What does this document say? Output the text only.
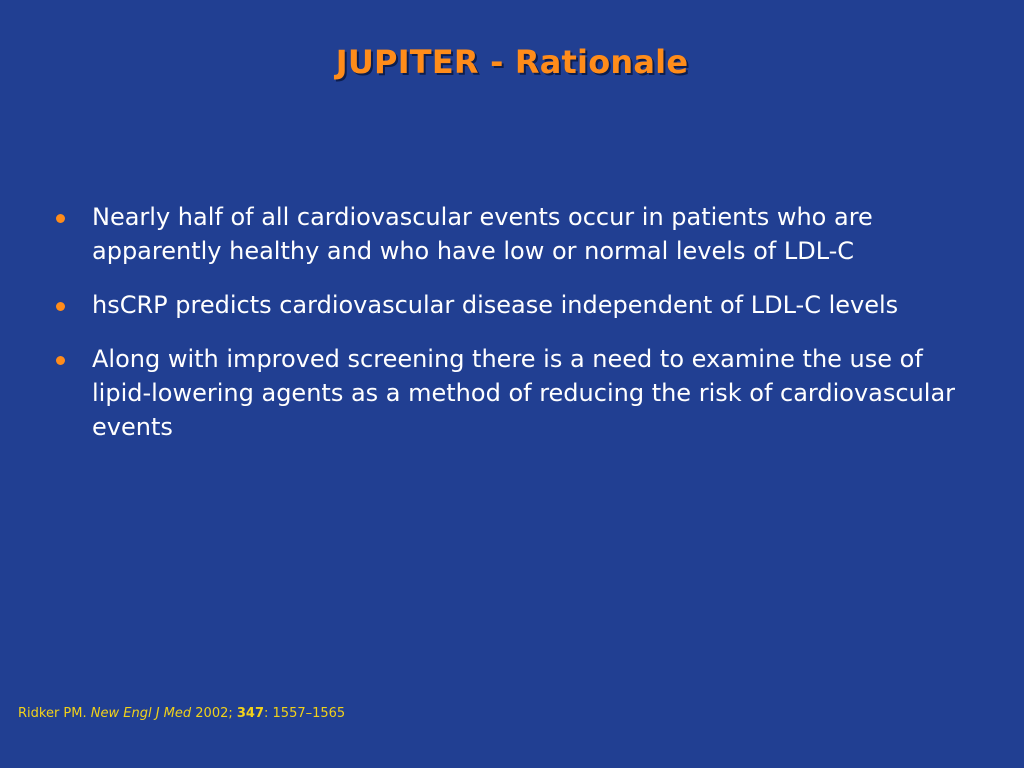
JUPITER - Rationale
Nearly half of all cardiovascular events occur in patients who are apparently healthy and who have low or normal levels of LDL-C
hsCRP predicts cardiovascular disease independent of LDL-C levels
Along with improved screening there is a need to examine the use of lipid-lowering agents as a method of reducing the risk of cardiovascular events

Ridker PM. New Engl J Med 2002; 347: 1557–1565
